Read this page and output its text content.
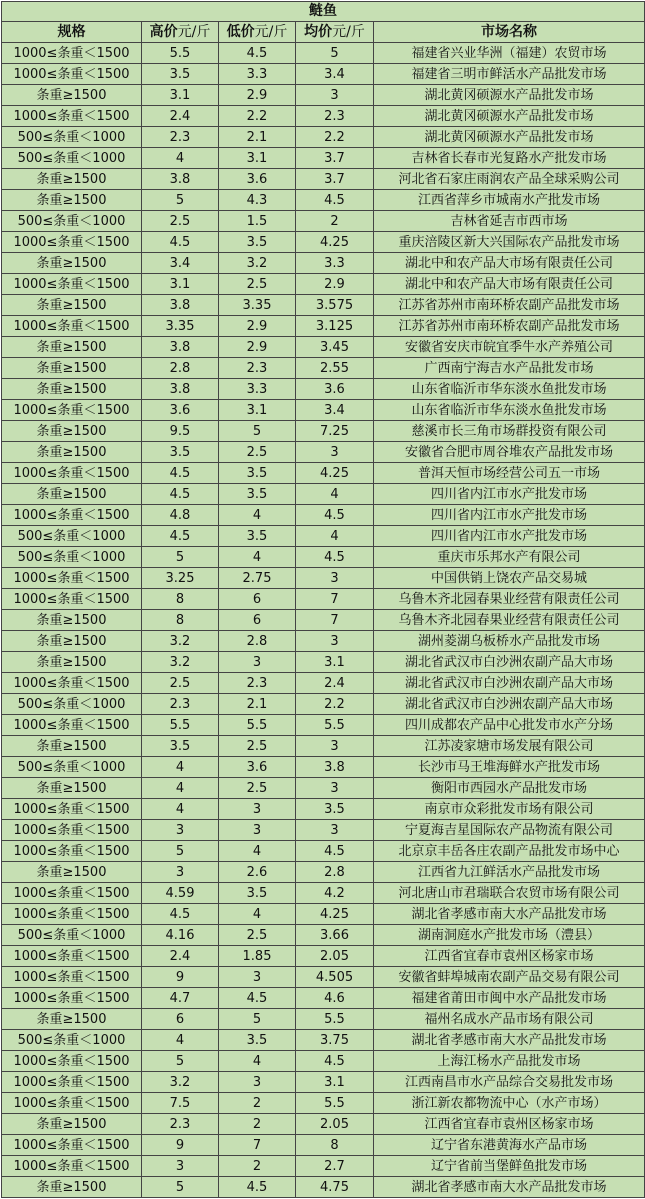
鲢鱼				
规格	高价元/斤	低价元/斤	均价元/斤	市场名称
1000≤条重＜1500	5.5	4.5	5	福建省兴业华洲（福建）农贸市场
1000≤条重＜1500	3.5	3.3	3.4	福建省三明市鲜活水产品批发市场
条重≥1500	3.1	2.9	3	湖北黄冈硕源水产品批发市场
1000≤条重＜1500	2.4	2.2	2.3	湖北黄冈硕源水产品批发市场
500≤条重＜1000	2.3	2.1	2.2	湖北黄冈硕源水产品批发市场
500≤条重＜1000	4	3.1	3.7	吉林省长春市光复路水产批发市场
条重≥1500	3.8	3.6	3.7	河北省石家庄雨润农产品全球采购公司
条重≥1500	5	4.3	4.5	江西省萍乡市城南水产批发市场
500≤条重＜1000	2.5	1.5	2	吉林省延吉市西市场
1000≤条重＜1500	4.5	3.5	4.25	重庆涪陵区新大兴国际农产品批发市场
条重≥1500	3.4	3.2	3.3	湖北中和农产品大市场有限责任公司
1000≤条重＜1500	3.1	2.5	2.9	湖北中和农产品大市场有限责任公司
条重≥1500	3.8	3.35	3.575	江苏省苏州市南环桥农副产品批发市场
1000≤条重＜1500	3.35	2.9	3.125	江苏省苏州市南环桥农副产品批发市场
条重≥1500	3.8	2.9	3.45	安徽省安庆市皖宜季牛水产养殖公司
条重≥1500	2.8	2.3	2.55	广西南宁海吉水产品批发市场
条重≥1500	3.8	3.3	3.6	山东省临沂市华东淡水鱼批发市场
1000≤条重＜1500	3.6	3.1	3.4	山东省临沂市华东淡水鱼批发市场
条重≥1500	9.5	5	7.25	慈溪市长三角市场群投资有限公司
条重≥1500	3.5	2.5	3	安徽省合肥市周谷堆农产品批发市场
1000≤条重＜1500	4.5	3.5	4.25	普洱天恒市场经营公司五一市场
条重≥1500	4.5	3.5	4	四川省内江市水产批发市场
1000≤条重＜1500	4.8	4	4.5	四川省内江市水产批发市场
500≤条重＜1000	4.5	3.5	4	四川省内江市水产批发市场
500≤条重＜1000	5	4	4.5	重庆市乐邦水产有限公司
1000≤条重＜1500	3.25	2.75	3	中国供销上饶农产品交易城
1000≤条重＜1500	8	6	7	乌鲁木齐北园春果业经营有限责任公司
条重≥1500	8	6	7	乌鲁木齐北园春果业经营有限责任公司
条重≥1500	3.2	2.8	3	湖州菱湖乌板桥水产品批发市场
条重≥1500	3.2	3	3.1	湖北省武汉市白沙洲农副产品大市场
1000≤条重＜1500	2.5	2.3	2.4	湖北省武汉市白沙洲农副产品大市场
500≤条重＜1000	2.3	2.1	2.2	湖北省武汉市白沙洲农副产品大市场
1000≤条重＜1500	5.5	5.5	5.5	四川成都农产品中心批发市水产分场
条重≥1500	3.5	2.5	3	江苏凌家塘市场发展有限公司
500≤条重＜1000	4	3.6	3.8	长沙市马王堆海鲜水产批发市场
条重≥1500	4	2.5	3	衡阳市西园水产品批发市场
1000≤条重＜1500	4	3	3.5	南京市众彩批发市场有限公司
1000≤条重＜1500	3	3	3	宁夏海吉星国际农产品物流有限公司
1000≤条重＜1500	5	4	4.5	北京京丰岳各庄农副产品批发市场中心
条重≥1500	3	2.6	2.8	江西省九江鲜活水产品批发市场
1000≤条重＜1500	4.59	3.5	4.2	河北唐山市君瑞联合农贸市场有限公司
1000≤条重＜1500	4.5	4	4.25	湖北省孝感市南大水产品批发市场
500≤条重＜1000	4.16	2.5	3.66	湖南洞庭水产批发市场（澧县）
1000≤条重＜1500	2.4	1.85	2.05	江西省宜春市袁州区杨家市场
1000≤条重＜1500	9	3	4.505	安徽省蚌埠城南农副产品交易有限公司
1000≤条重＜1500	4.7	4.5	4.6	福建省莆田市闽中水产品批发市场
条重≥1500	6	5	5.5	福州名成水产品市场有限公司
500≤条重＜1000	4	3.5	3.75	湖北省孝感市南大水产品批发市场
1000≤条重＜1500	5	4	4.5	上海江杨水产品批发市场
1000≤条重＜1500	3.2	3	3.1	江西南昌市水产品综合交易批发市场
1000≤条重＜1500	7.5	2	5.5	浙江新农都物流中心（水产市场）
条重≥1500	2.3	2	2.05	江西省宜春市袁州区杨家市场
1000≤条重＜1500	9	7	8	辽宁省东港黄海水产品市场
1000≤条重＜1500	3	2	2.7	辽宁省前当堡鲜鱼批发市场
条重≥1500	5	4.5	4.75	湖北省孝感市南大水产品批发市场
